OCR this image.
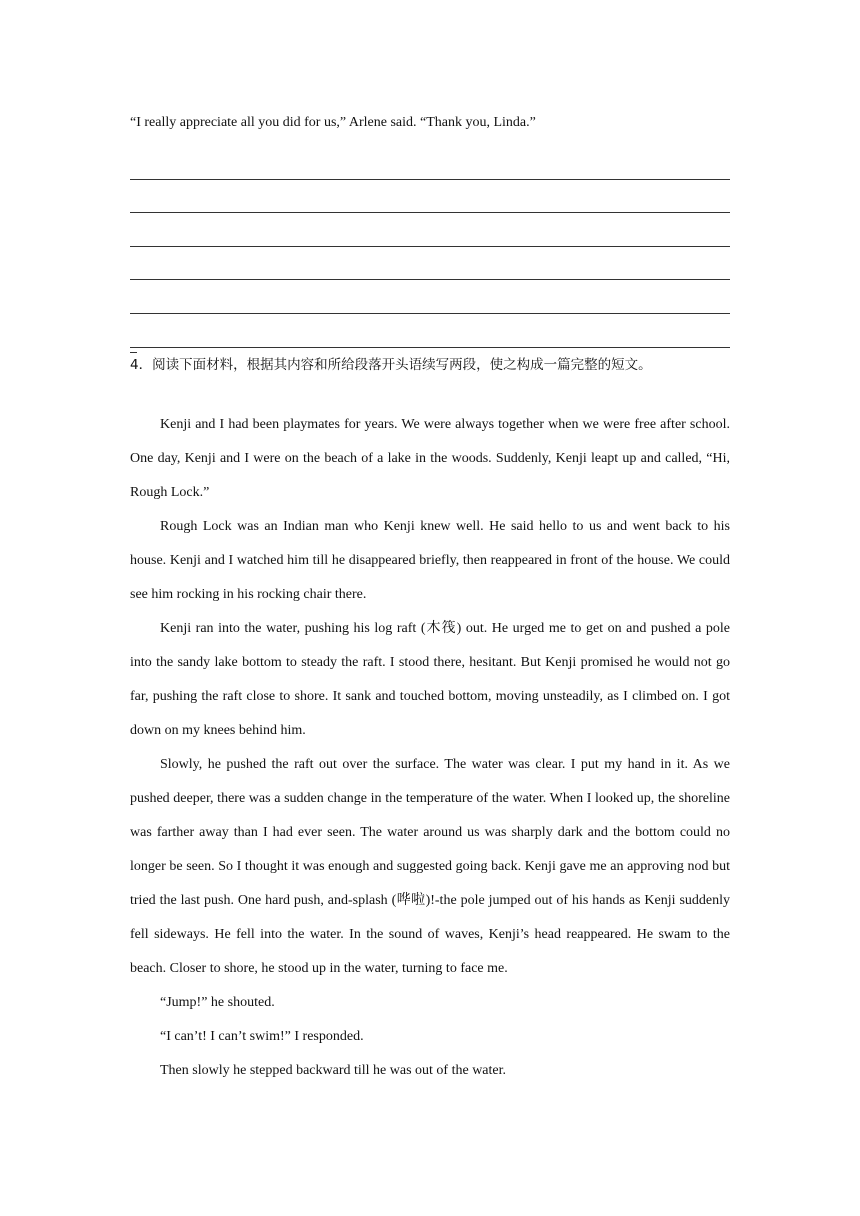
“I really appreciate all you did for us,” Arlene said. “Thank you, Linda.”
4．阅读下面材料，根据其内容和所给段落开头语续写两段，使之构成一篇完整的短文。

Kenji and I had been playmates for years. We were always together when we were free after school. One day, Kenji and I were on the beach of a lake in the woods. Suddenly, Kenji leapt up and called, “Hi, Rough Lock.”

Rough Lock was an Indian man who Kenji knew well. He said hello to us and went back to his house. Kenji and I watched him till he disappeared briefly, then reappeared in front of the house. We could see him rocking in his rocking chair there.

Kenji ran into the water, pushing his log raft (木筏) out. He urged me to get on and pushed a pole into the sandy lake bottom to steady the raft. I stood there, hesitant. But Kenji promised he would not go far, pushing the raft close to shore. It sank and touched bottom, moving unsteadily, as I climbed on. I got down on my knees behind him.

Slowly, he pushed the raft out over the surface. The water was clear. I put my hand in it. As we pushed deeper, there was a sudden change in the temperature of the water. When I looked up, the shoreline was farther away than I had ever seen. The water around us was sharply dark and the bottom could no longer be seen. So I thought it was enough and suggested going back. Kenji gave me an approving nod but tried the last push. One hard push, and-splash (哗啦)!-the pole jumped out of his hands as Kenji suddenly fell sideways. He fell into the water. In the sound of waves, Kenji’s head reappeared. He swam to the beach. Closer to shore, he stood up in the water, turning to face me.

“Jump!” he shouted.

“I can’t! I can’t swim!” I responded.

Then slowly he stepped backward till he was out of the water.
